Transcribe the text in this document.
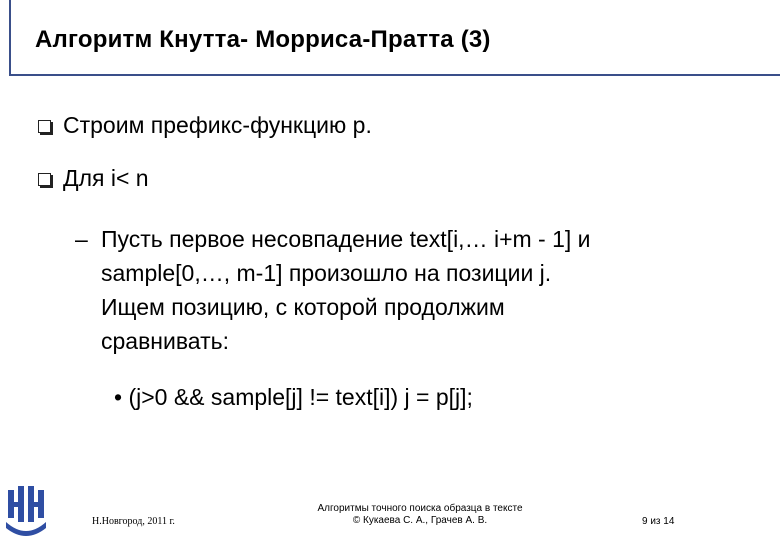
Алгоритм Кнутта- Морриса-Пратта (3)
Строим префикс-функцию p.
Для i< n
– Пусть первое несовпадение text[i,… i+m - 1] и
sample[0,…, m-1] произошло на позиции j.
Ищем позицию, с которой продолжим
сравнивать:
• (j>0 && sample[j] != text[i]) j = p[j];
Н.Новгород, 2011 г.
Алгоритмы точного поиска образца в тексте
© Кукаева С. А., Грачев А. В.	9 из 14
